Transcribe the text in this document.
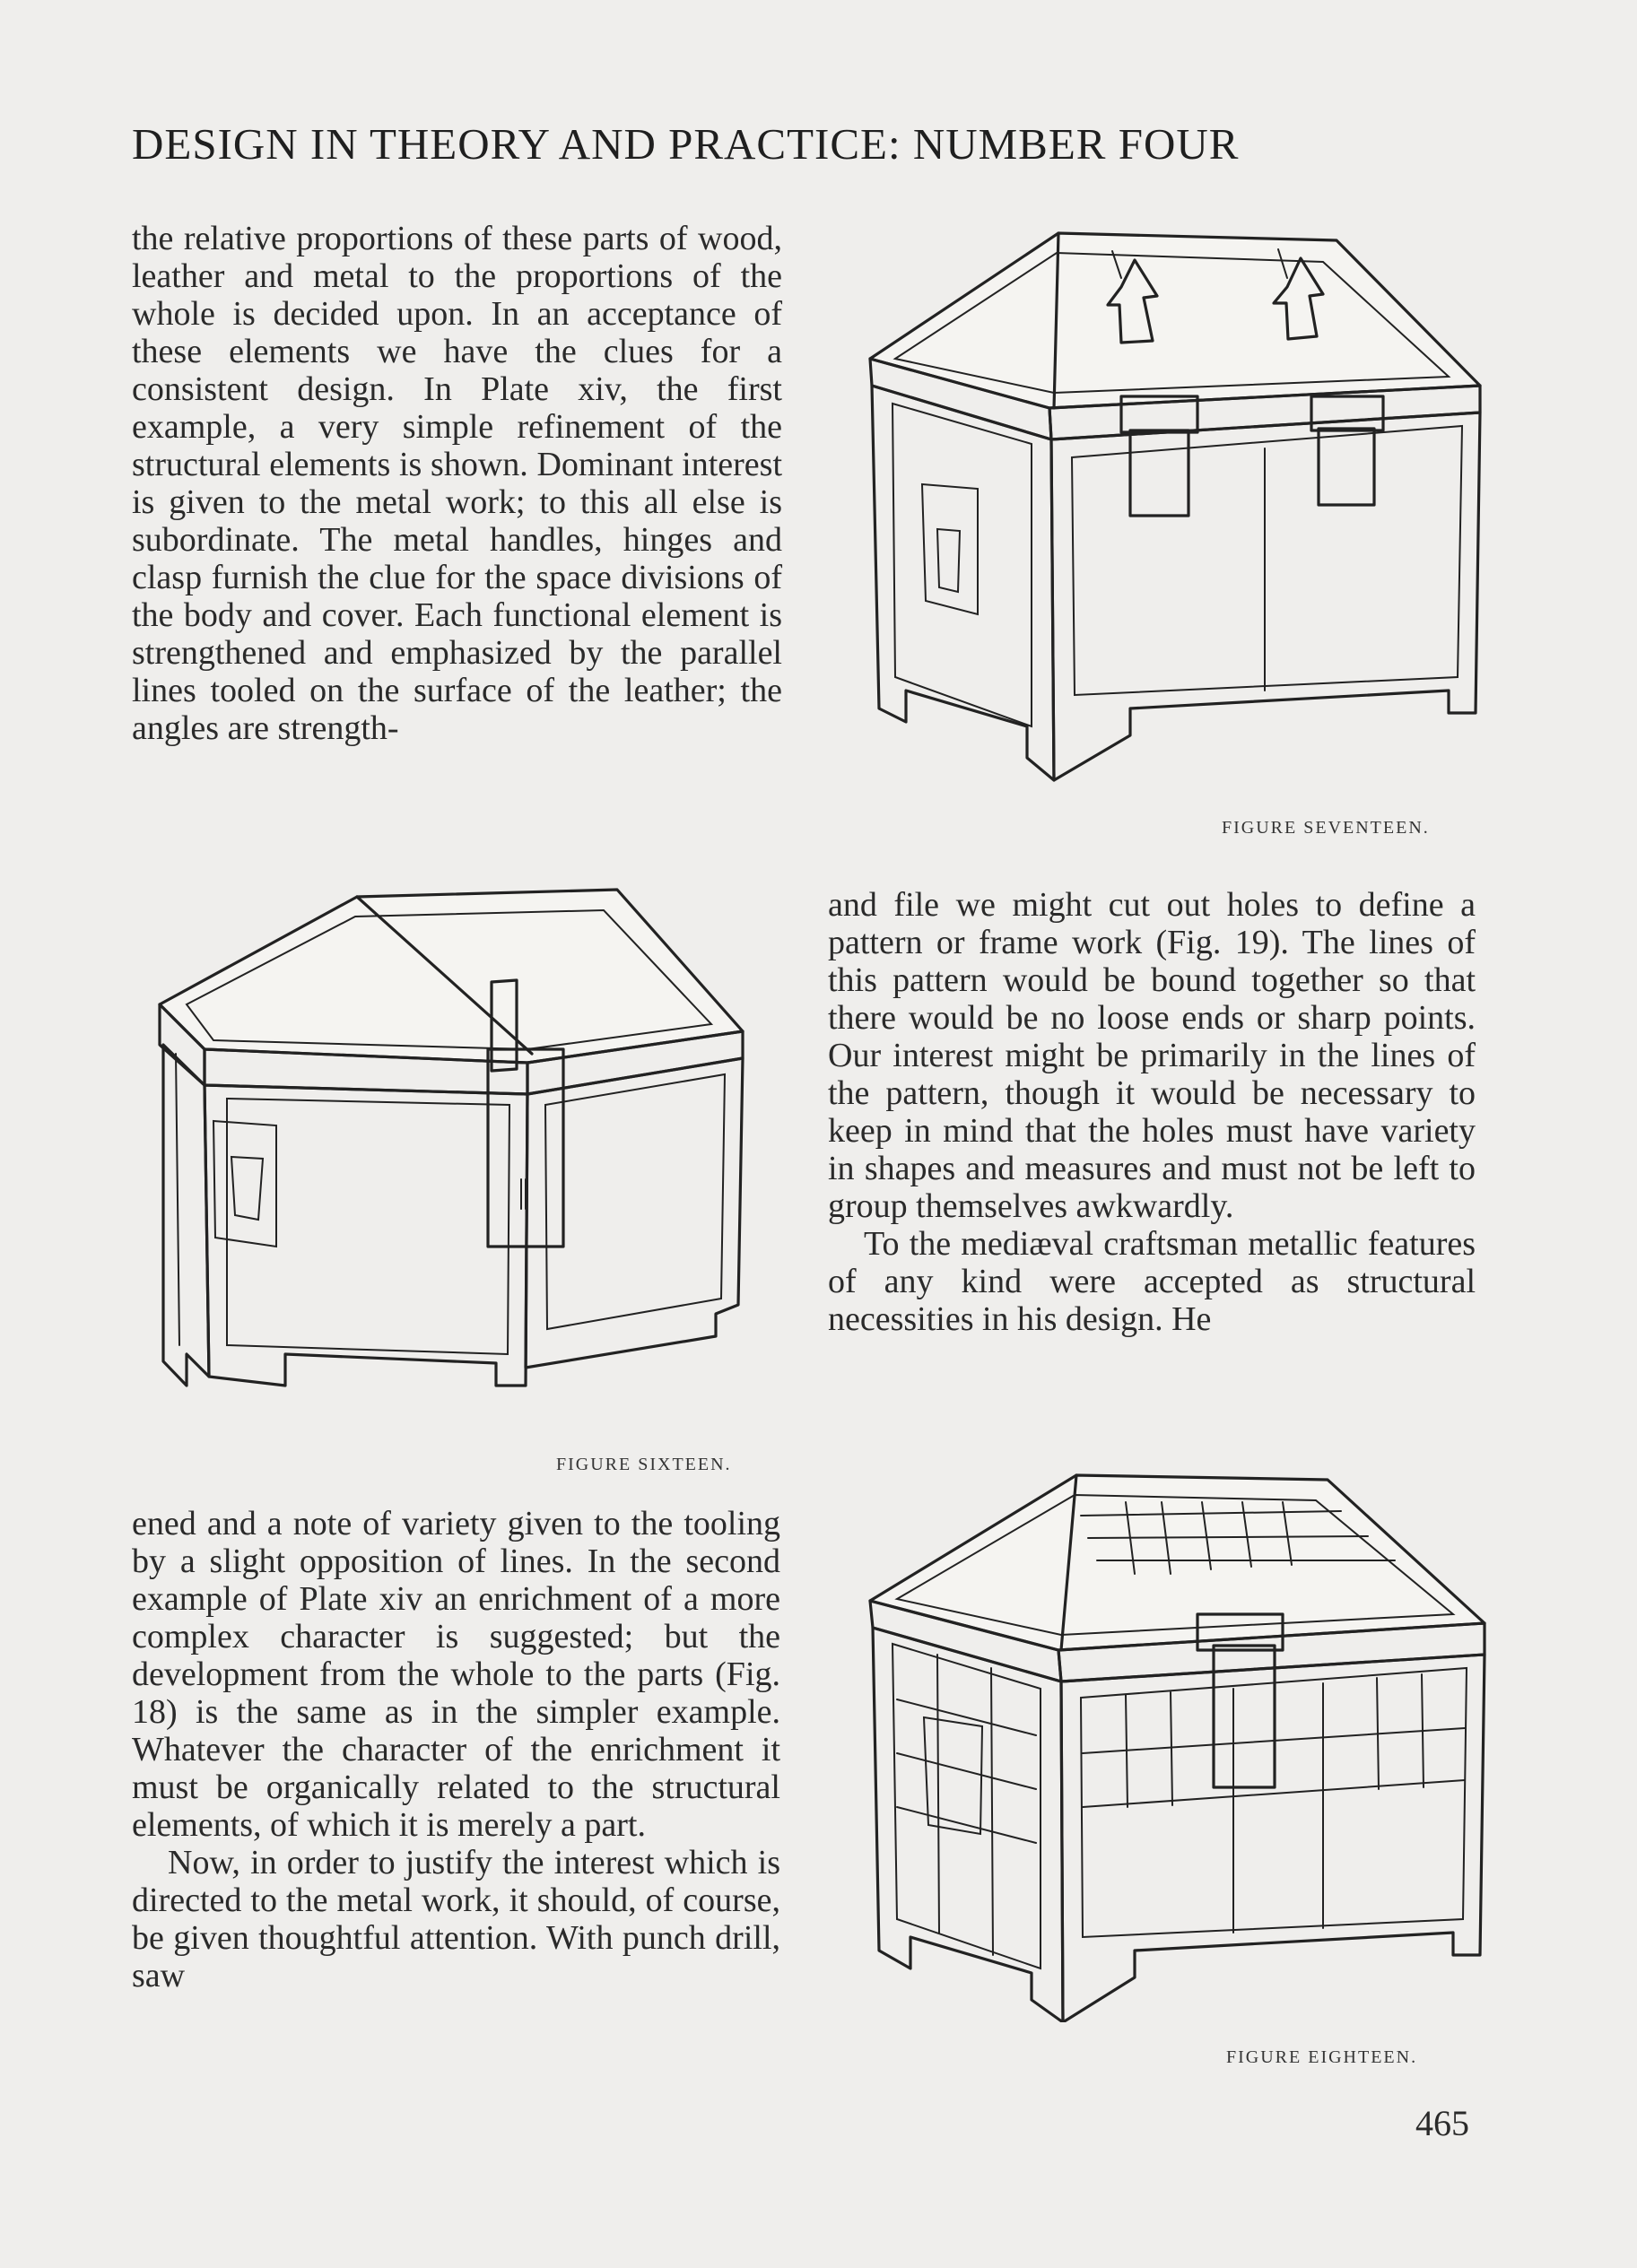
DESIGN IN THEORY AND PRACTICE: NUMBER FOUR

the relative proportions of these parts of wood, leather and metal to the proportions of the whole is decided upon. In an acceptance of these elements we have the clues for a consistent design. In Plate xiv, the first example, a very simple refinement of the structural elements is shown. Dominant interest is given to the metal work; to this all else is subordinate. The metal handles, hinges and clasp furnish the clue for the space divisions of the body and cover. Each functional element is strengthened and emphasized by the parallel lines tooled on the surface of the leather; the angles are strength-

FIGURE SIXTEEN.

ened and a note of variety given to the tooling by a slight opposition of lines. In the second example of Plate xiv an enrichment of a more complex character is suggested; but the development from the whole to the parts (Fig. 18) is the same as in the simpler example. Whatever the character of the enrichment it must be organically related to the structural elements, of which it is merely a part.

Now, in order to justify the interest which is directed to the metal work, it should, of course, be given thoughtful attention. With punch drill, saw

FIGURE SEVENTEEN.

and file we might cut out holes to define a pattern or frame work (Fig. 19). The lines of this pattern would be bound together so that there would be no loose ends or sharp points. Our interest might be primarily in the lines of the pattern, though it would be necessary to keep in mind that the holes must have variety in shapes and measures and must not be left to group themselves awkwardly.

To the mediæval craftsman metallic features of any kind were accepted as structural necessities in his design. He

FIGURE EIGHTEEN.
465
